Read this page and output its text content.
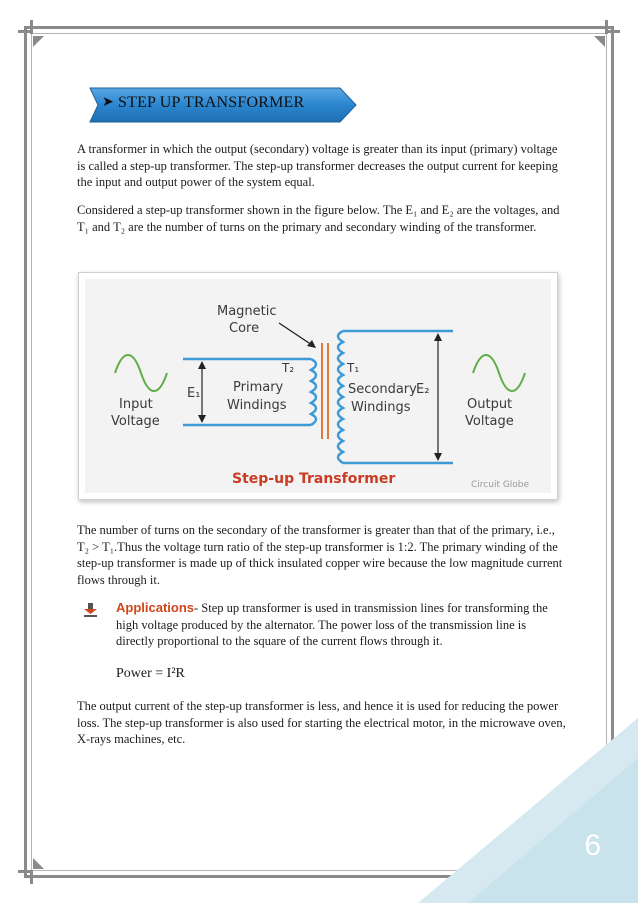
6
➤ STEP UP TRANSFORMER
A transformer in which the output (secondary) voltage is greater than its input (primary) voltage is called a step-up transformer. The step-up transformer decreases the output current for keeping the input and output power of the system equal.
Considered a step-up transformer shown in the figure below. The E₁ and E₂ are the voltages, and T₁ and T₂ are the number of turns on the primary and secondary winding of the transformer.
Magnetic
Core
T₂	T₁
E₁	E₂
Primary
Windings
Secondary
Windings
Input
Voltage
Output
Voltage
Step-up Transformer	Circuit Globe
The number of turns on the secondary of the transformer is greater than that of the primary, i.e., T₂ > T₁.Thus the voltage turn ratio of the step-up transformer is 1:2. The primary winding of the step-up transformer is made up of thick insulated copper wire because the low magnitude current flows through it.
Applications- Step up transformer is used in transmission lines for transforming the high voltage produced by the alternator. The power loss of the transmission line is directly proportional to the square of the current flows through it.
Power = I²R
The output current of the step-up transformer is less, and hence it is used for reducing the power loss. The step-up transformer is also used for starting the electrical motor, in the microwave oven, X-rays machines, etc.
